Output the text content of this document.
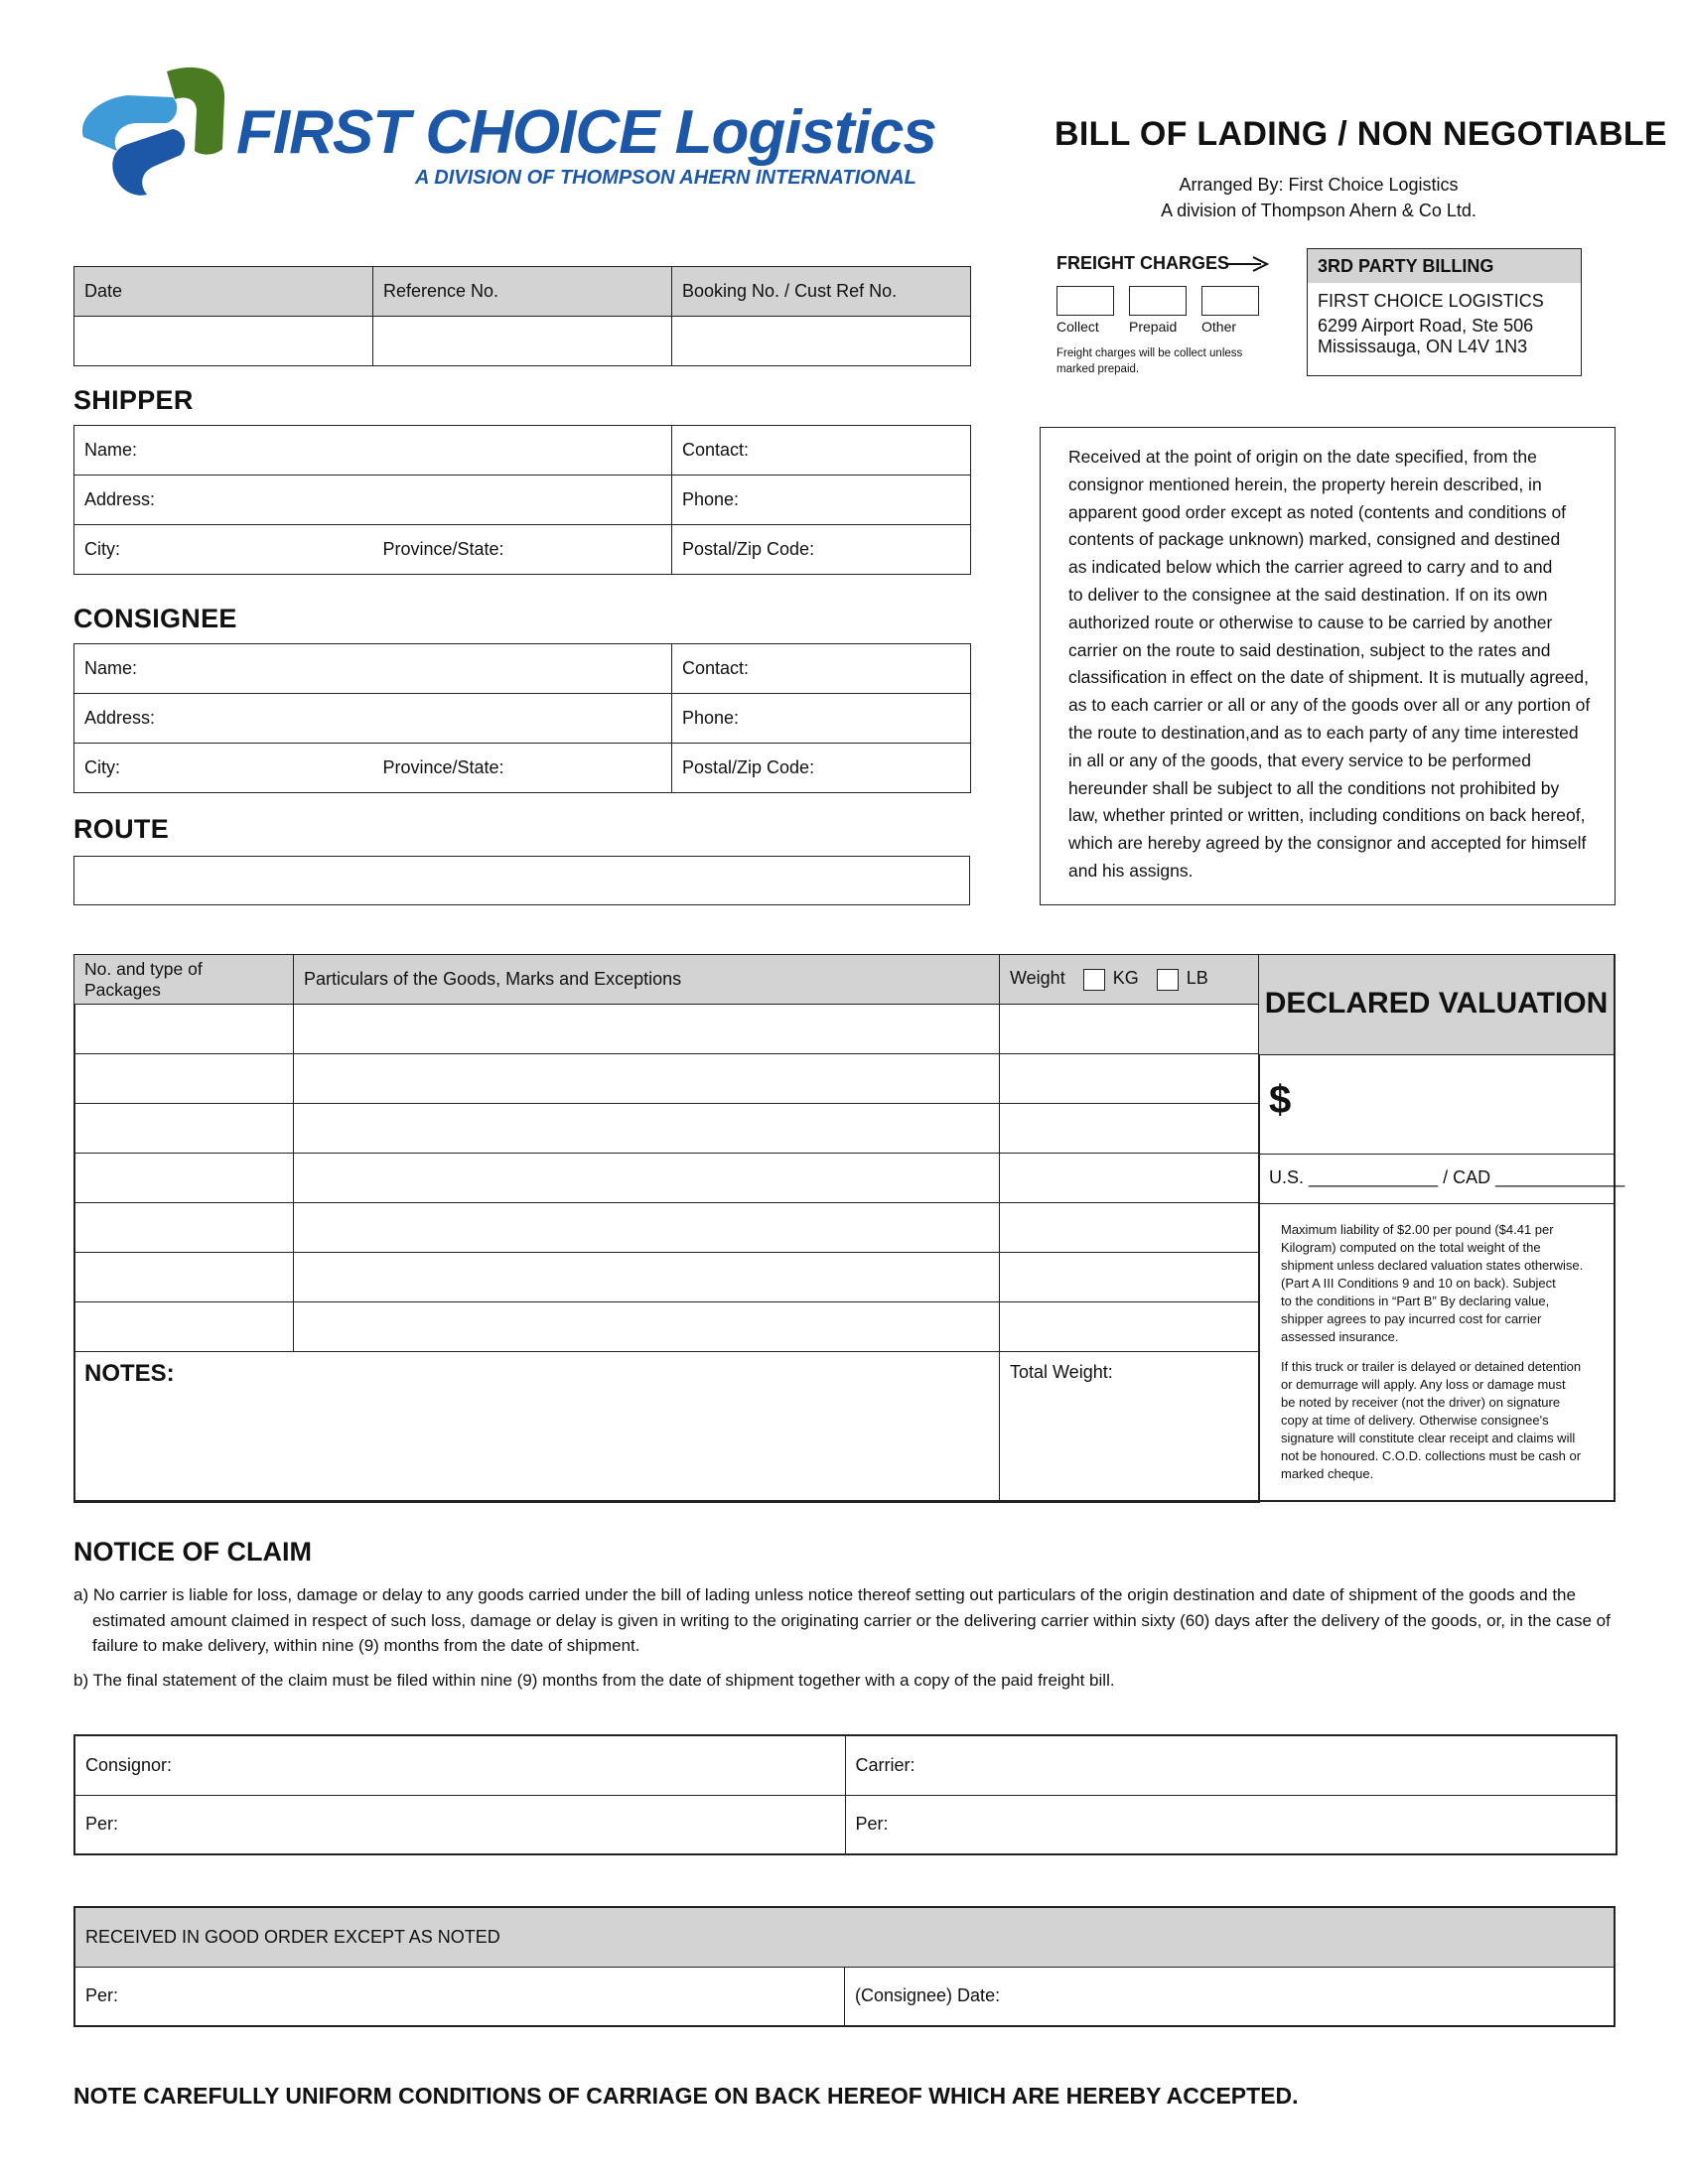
FIRST CHOICE Logistics
A DIVISION OF THOMPSON AHERN INTERNATIONAL
BILL OF LADING / NON NEGOTIABLE
Arranged By: First Choice Logistics
A division of Thompson Ahern & Co Ltd.
Date	Reference No.	Booking No. / Cust Ref No.

FREIGHT CHARGES
Collect Prepaid Other
Freight charges will be collect unless marked prepaid.
3RD PARTY BILLING
FIRST CHOICE LOGISTICS
6299 Airport Road, Ste 506
Mississauga, ON L4V 1N3
SHIPPER
Name:		Contact:
Address:		Phone:
City:	Province/State:	Postal/Zip Code:
CONSIGNEE
Name:		Contact:
Address:		Phone:
City:	Province/State:	Postal/Zip Code:
ROUTE
Received at the point of origin on the date specified, from the
consignor mentioned herein, the property herein described, in
apparent good order except as noted (contents and conditions of
contents of package unknown) marked, consigned and destined
as indicated below which the carrier agreed to carry and to and
to deliver to the consignee at the said destination. If on its own
authorized route or otherwise to cause to be carried by another
carrier on the route to said destination, subject to the rates and
classification in effect on the date of shipment. It is mutually agreed,
as to each carrier or all or any of the goods over all or any portion of
the route to destination,and as to each party of any time interested
in all or any of the goods, that every service to be performed
hereunder shall be subject to all the conditions not prohibited by
law, whether printed or written, including conditions on back hereof,
which are hereby agreed by the consignor and accepted for himself
and his assigns.
No. and type of Packages	Particulars of the Goods, Marks and Exceptions	Weight KG LB

NOTES:		Total Weight:
DECLARED VALUATION
$
U.S. _____________ / CAD _____________
Maximum liability of $2.00 per pound ($4.41 per
Kilogram) computed on the total weight of the
shipment unless declared valuation states otherwise.
(Part A III Conditions 9 and 10 on back). Subject
to the conditions in “Part B” By declaring value,
shipper agrees to pay incurred cost for carrier
assessed insurance.
If this truck or trailer is delayed or detained detention
or demurrage will apply. Any loss or damage must
be noted by receiver (not the driver) on signature
copy at time of delivery. Otherwise consignee's
signature will constitute clear receipt and claims will
not be honoured. C.O.D. collections must be cash or
marked cheque.
NOTICE OF CLAIM
a) No carrier is liable for loss, damage or delay to any goods carried under the bill of lading unless notice thereof setting out particulars of the origin destination and date of shipment of the goods and the
estimated amount claimed in respect of such loss, damage or delay is given in writing to the originating carrier or the delivering carrier within sixty (60) days after the delivery of the goods, or, in the case of
failure to make delivery, within nine (9) months from the date of shipment.
b) The final statement of the claim must be filed within nine (9) months from the date of shipment together with a copy of the paid freight bill.
Consignor:	Carrier:
Per:	Per:
RECEIVED IN GOOD ORDER EXCEPT AS NOTED
Per:	(Consignee) Date:
NOTE CAREFULLY UNIFORM CONDITIONS OF CARRIAGE ON BACK HEREOF WHICH ARE HEREBY ACCEPTED.
